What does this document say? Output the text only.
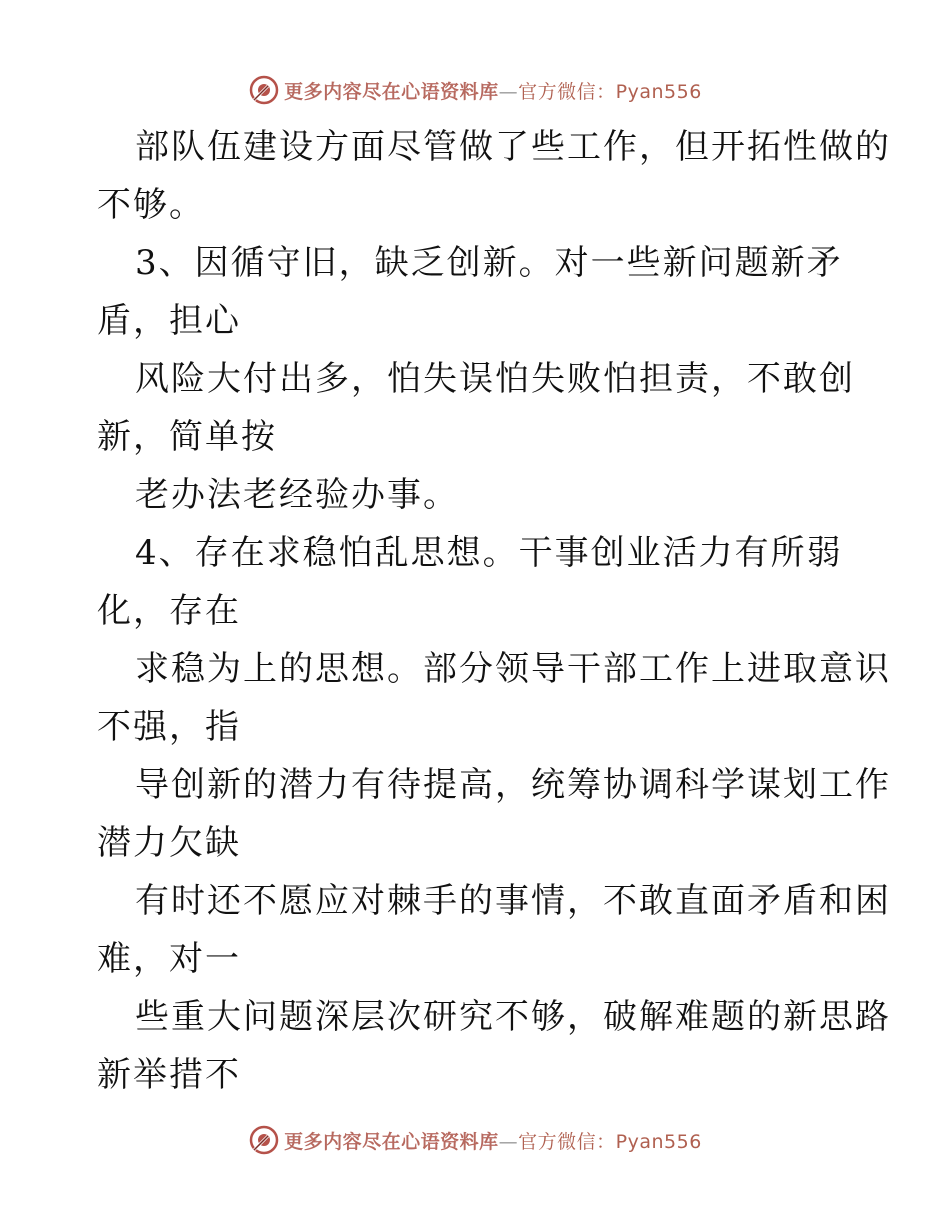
更多内容尽在心语资料库—官方微信：Pyan556
部队伍建设方面尽管做了些工作，但开拓性做的
不够。
3、因循守旧，缺乏创新。对一些新问题新矛
盾，担心
风险大付出多，怕失误怕失败怕担责，不敢创
新，简单按
老办法老经验办事。
4、存在求稳怕乱思想。干事创业活力有所弱
化，存在
求稳为上的思想。部分领导干部工作上进取意识
不强，指
导创新的潜力有待提高，统筹协调科学谋划工作
潜力欠缺
有时还不愿应对棘手的事情，不敢直面矛盾和困
难，对一
些重大问题深层次研究不够，破解难题的新思路
新举措不
更多内容尽在心语资料库—官方微信：Pyan556
